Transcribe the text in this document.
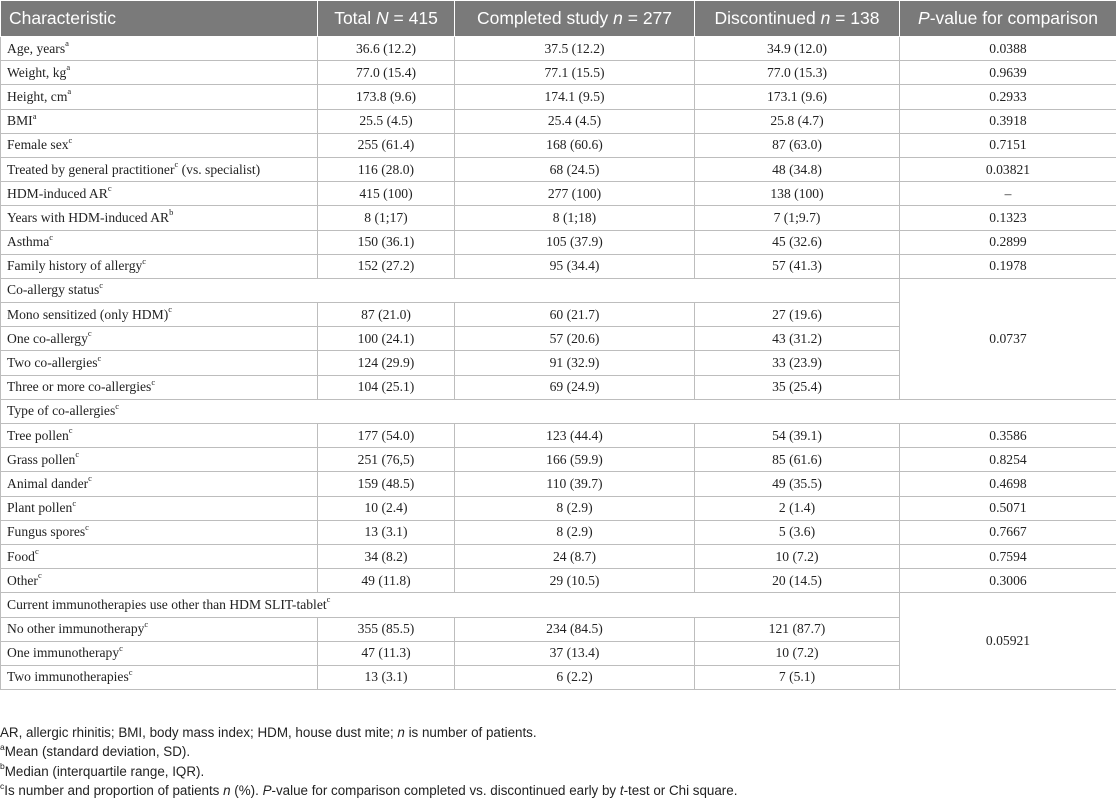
Characteristic	Total N = 415	Completed study n = 277	Discontinued n = 138	P-value for comparison
Age, years$^a$	36.6 (12.2)	37.5 (12.2)	34.9 (12.0)	0.0388
Weight, $kg^a$	77.0 (15.4)	77.1 (15.5)	77.0 (15.3)	0.9639
Height, $cm^a$	173.8 (9.6)	174.1 (9.5)	173.1 (9.6)	0.2933
BMI$^a$	25.5 (4.5)	25.4 (4.5)	25.8 (4.7)	0.3918
Female sex$^c$	255 (61.4)	168 (60.6)	87 (63.0)	0.7151
Treated by general practitioner$^c$ (vs. specialist)	116 (28.0)	68 (24.5)	48 (34.8)	0.03821
HDM-induced $AR^c$	415 (100)	277 (100)	138 (100)	–
Years with HDM-induced $AR^b$	8 (1;17)	8 (1;18)	7 (1;9.7)	0.1323
Asthma$^c$	150 (36.1)	105 (37.9)	45 (32.6)	0.2899
Family history of allergy$^c$	152 (27.2)	95 (34.4)	57 (41.3)	0.1978
Co-allergy status$^c$				0.0737
Mono sensitized (only HDM)$^c$	87 (21.0)	60 (21.7)	27 (19.6)	
One co-allergy$^c$	100 (24.1)	57 (20.6)	43 (31.2)	
Two co-allergies$^c$	124 (29.9)	91 (32.9)	33 (23.9)	
Three or more co-allergies$^c$	104 (25.1)	69 (24.9)	35 (25.4)	
Type of co-allergies$^c$
Tree pollen$^c$	177 (54.0)	123 (44.4)	54 (39.1)	0.3586
Grass pollen$^c$	251 (76,5)	166 (59.9)	85 (61.6)	0.8254
Animal dander$^c$	159 (48.5)	110 (39.7)	49 (35.5)	0.4698
Plant pollen$^c$	10 (2.4)	8 (2.9)	2 (1.4)	0.5071
Fungus spores$^c$	13 (3.1)	8 (2.9)	5 (3.6)	0.7667
Food$^c$	34 (8.2)	24 (8.7)	10 (7.2)	0.7594
Other$^c$	49 (11.8)	29 (10.5)	20 (14.5)	0.3006
Current immunotherapies use other than HDM SLIT-tablet$^c$				0.05921
No other immunotherapy$^c$	355 (85.5)	234 (84.5)	121 (87.7)	
One immunotherapy$^c$	47 (11.3)	37 (13.4)	10 (7.2)	
Two immunotherapies$^c$	13 (3.1)	6 (2.2)	7 (5.1)	

AR, allergic rhinitis; BMI, body mass index; HDM, house dust mite; n is number of patients.

$^a$Mean (standard deviation, SD).

$^b$Median (interquartile range, IQR).

$^c$Is number and proportion of patients n (%). P-value for comparison completed vs. discontinued early by t-test or Chi square.
